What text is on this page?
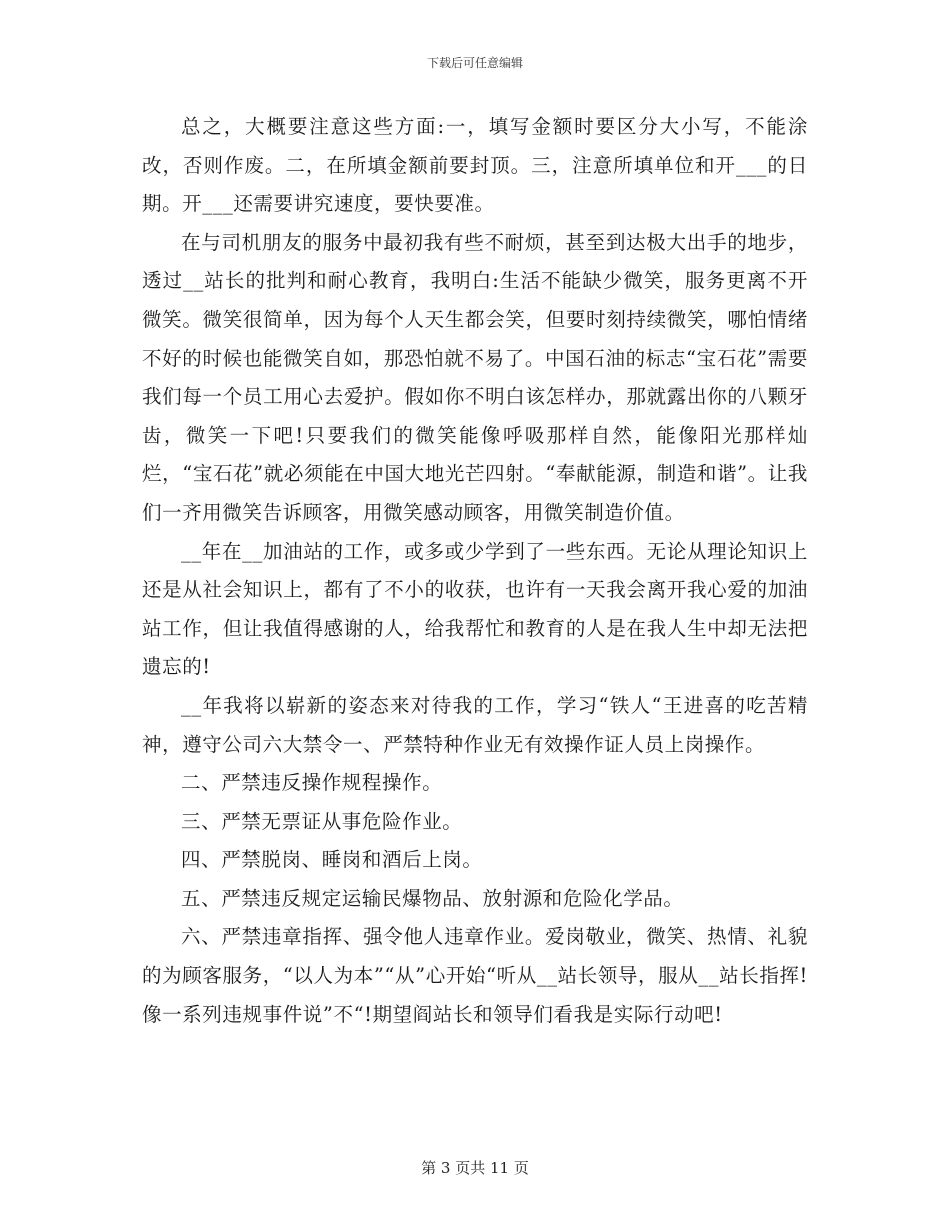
下载后可任意编辑

总之，大概要注意这些方面:一，填写金额时要区分大小写，不能涂改，否则作废。二，在所填金额前要封顶。三，注意所填单位和开___的日期。开___还需要讲究速度，要快要准。

在与司机朋友的服务中最初我有些不耐烦，甚至到达极大出手的地步，透过__站长的批判和耐心教育，我明白:生活不能缺少微笑，服务更离不开微笑。微笑很简单，因为每个人天生都会笑，但要时刻持续微笑，哪怕情绪不好的时候也能微笑自如，那恐怕就不易了。中国石油的标志“宝石花”需要我们每一个员工用心去爱护。假如你不明白该怎样办，那就露出你的八颗牙齿，微笑一下吧!只要我们的微笑能像呼吸那样自然，能像阳光那样灿烂，“宝石花”就必须能在中国大地光芒四射。“奉献能源，制造和谐”。让我们一齐用微笑告诉顾客，用微笑感动顾客，用微笑制造价值。

__年在__加油站的工作，或多或少学到了一些东西。无论从理论知识上还是从社会知识上，都有了不小的收获，也许有一天我会离开我心爱的加油站工作，但让我值得感谢的人，给我帮忙和教育的人是在我人生中却无法把遗忘的!

__年我将以崭新的姿态来对待我的工作，学习“铁人“王进喜的吃苦精神，遵守公司六大禁令一、严禁特种作业无有效操作证人员上岗操作。

二、严禁违反操作规程操作。

三、严禁无票证从事危险作业。

四、严禁脱岗、睡岗和酒后上岗。

五、严禁违反规定运输民爆物品、放射源和危险化学品。

六、严禁违章指挥、强令他人违章作业。爱岗敬业，微笑、热情、礼貌的为顾客服务，“以人为本”“从”心开始“听从__站长领导，服从__站长指挥!像一系列违规事件说”不“!期望阎站长和领导们看我是实际行动吧!

第 3 页共 11 页
